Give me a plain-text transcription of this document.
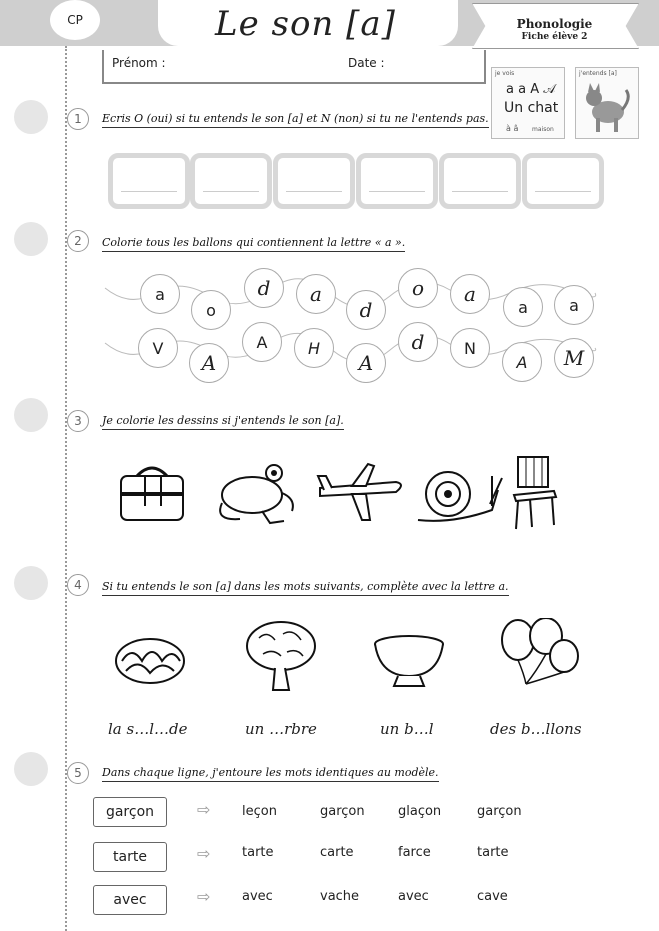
CP	Le son [a]	Phonologie
Fiche élève 2
Prénom :	Date :
je vois
a a A 𝒜
Un chat
à â maison
j'entends [a]
1	Ecris O (oui) si tu entends le son [a] et N (non) si tu ne l'entends pas.
2	Colorie tous les ballons qui contiennent la lettre « a ».
a
o
d	a
d
o	a
a	a
V
A
A	H
A
d	N
A	M
3	Je colorie les dessins si j'entends le son [a].
4	Si tu entends le son [a] dans les mots suivants, complète avec la lettre a.
la s…l…de	un …rbre	un b…l	des b…llons
5	Dans chaque ligne, j'entoure les mots identiques au modèle.
garçon	⇨ leçon	garçon	glaçon	garçon
tarte	⇨ tarte	carte	farce	tarte
avec	⇨ avec	vache	avec	cave
